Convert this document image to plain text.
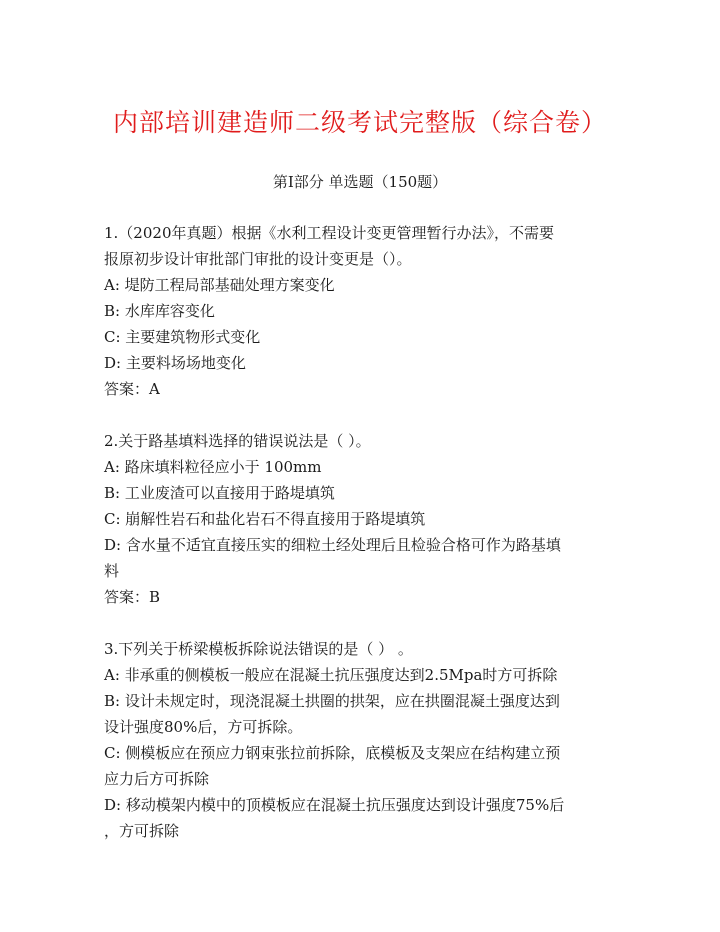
内部培训建造师二级考试完整版（综合卷）
第I部分 单选题（150题）
1.（2020年真题）根据《水利工程设计变更管理暂行办法》，不需要
报原初步设计审批部门审批的设计变更是（）。
A: 堤防工程局部基础处理方案变化
B: 水库库容变化
C: 主要建筑物形式变化
D: 主要料场场地变化
答案：A
2.关于路基填料选择的错误说法是（ ）。
A: 路床填料粒径应小于 100mm
B: 工业废渣可以直接用于路堤填筑
C: 崩解性岩石和盐化岩石不得直接用于路堤填筑
D: 含水量不适宜直接压实的细粒土经处理后且检验合格可作为路基填
料
答案：B
3.下列关于桥梁模板拆除说法错误的是（ ） 。
A: 非承重的侧模板一般应在混凝土抗压强度达到2.5Mpa时方可拆除
B: 设计未规定时，现浇混凝土拱圈的拱架，应在拱圈混凝土强度达到
设计强度80%后，方可拆除。
C: 侧模板应在预应力钢束张拉前拆除，底模板及支架应在结构建立预
应力后方可拆除
D: 移动模架内模中的顶模板应在混凝土抗压强度达到设计强度75%后
，方可拆除
